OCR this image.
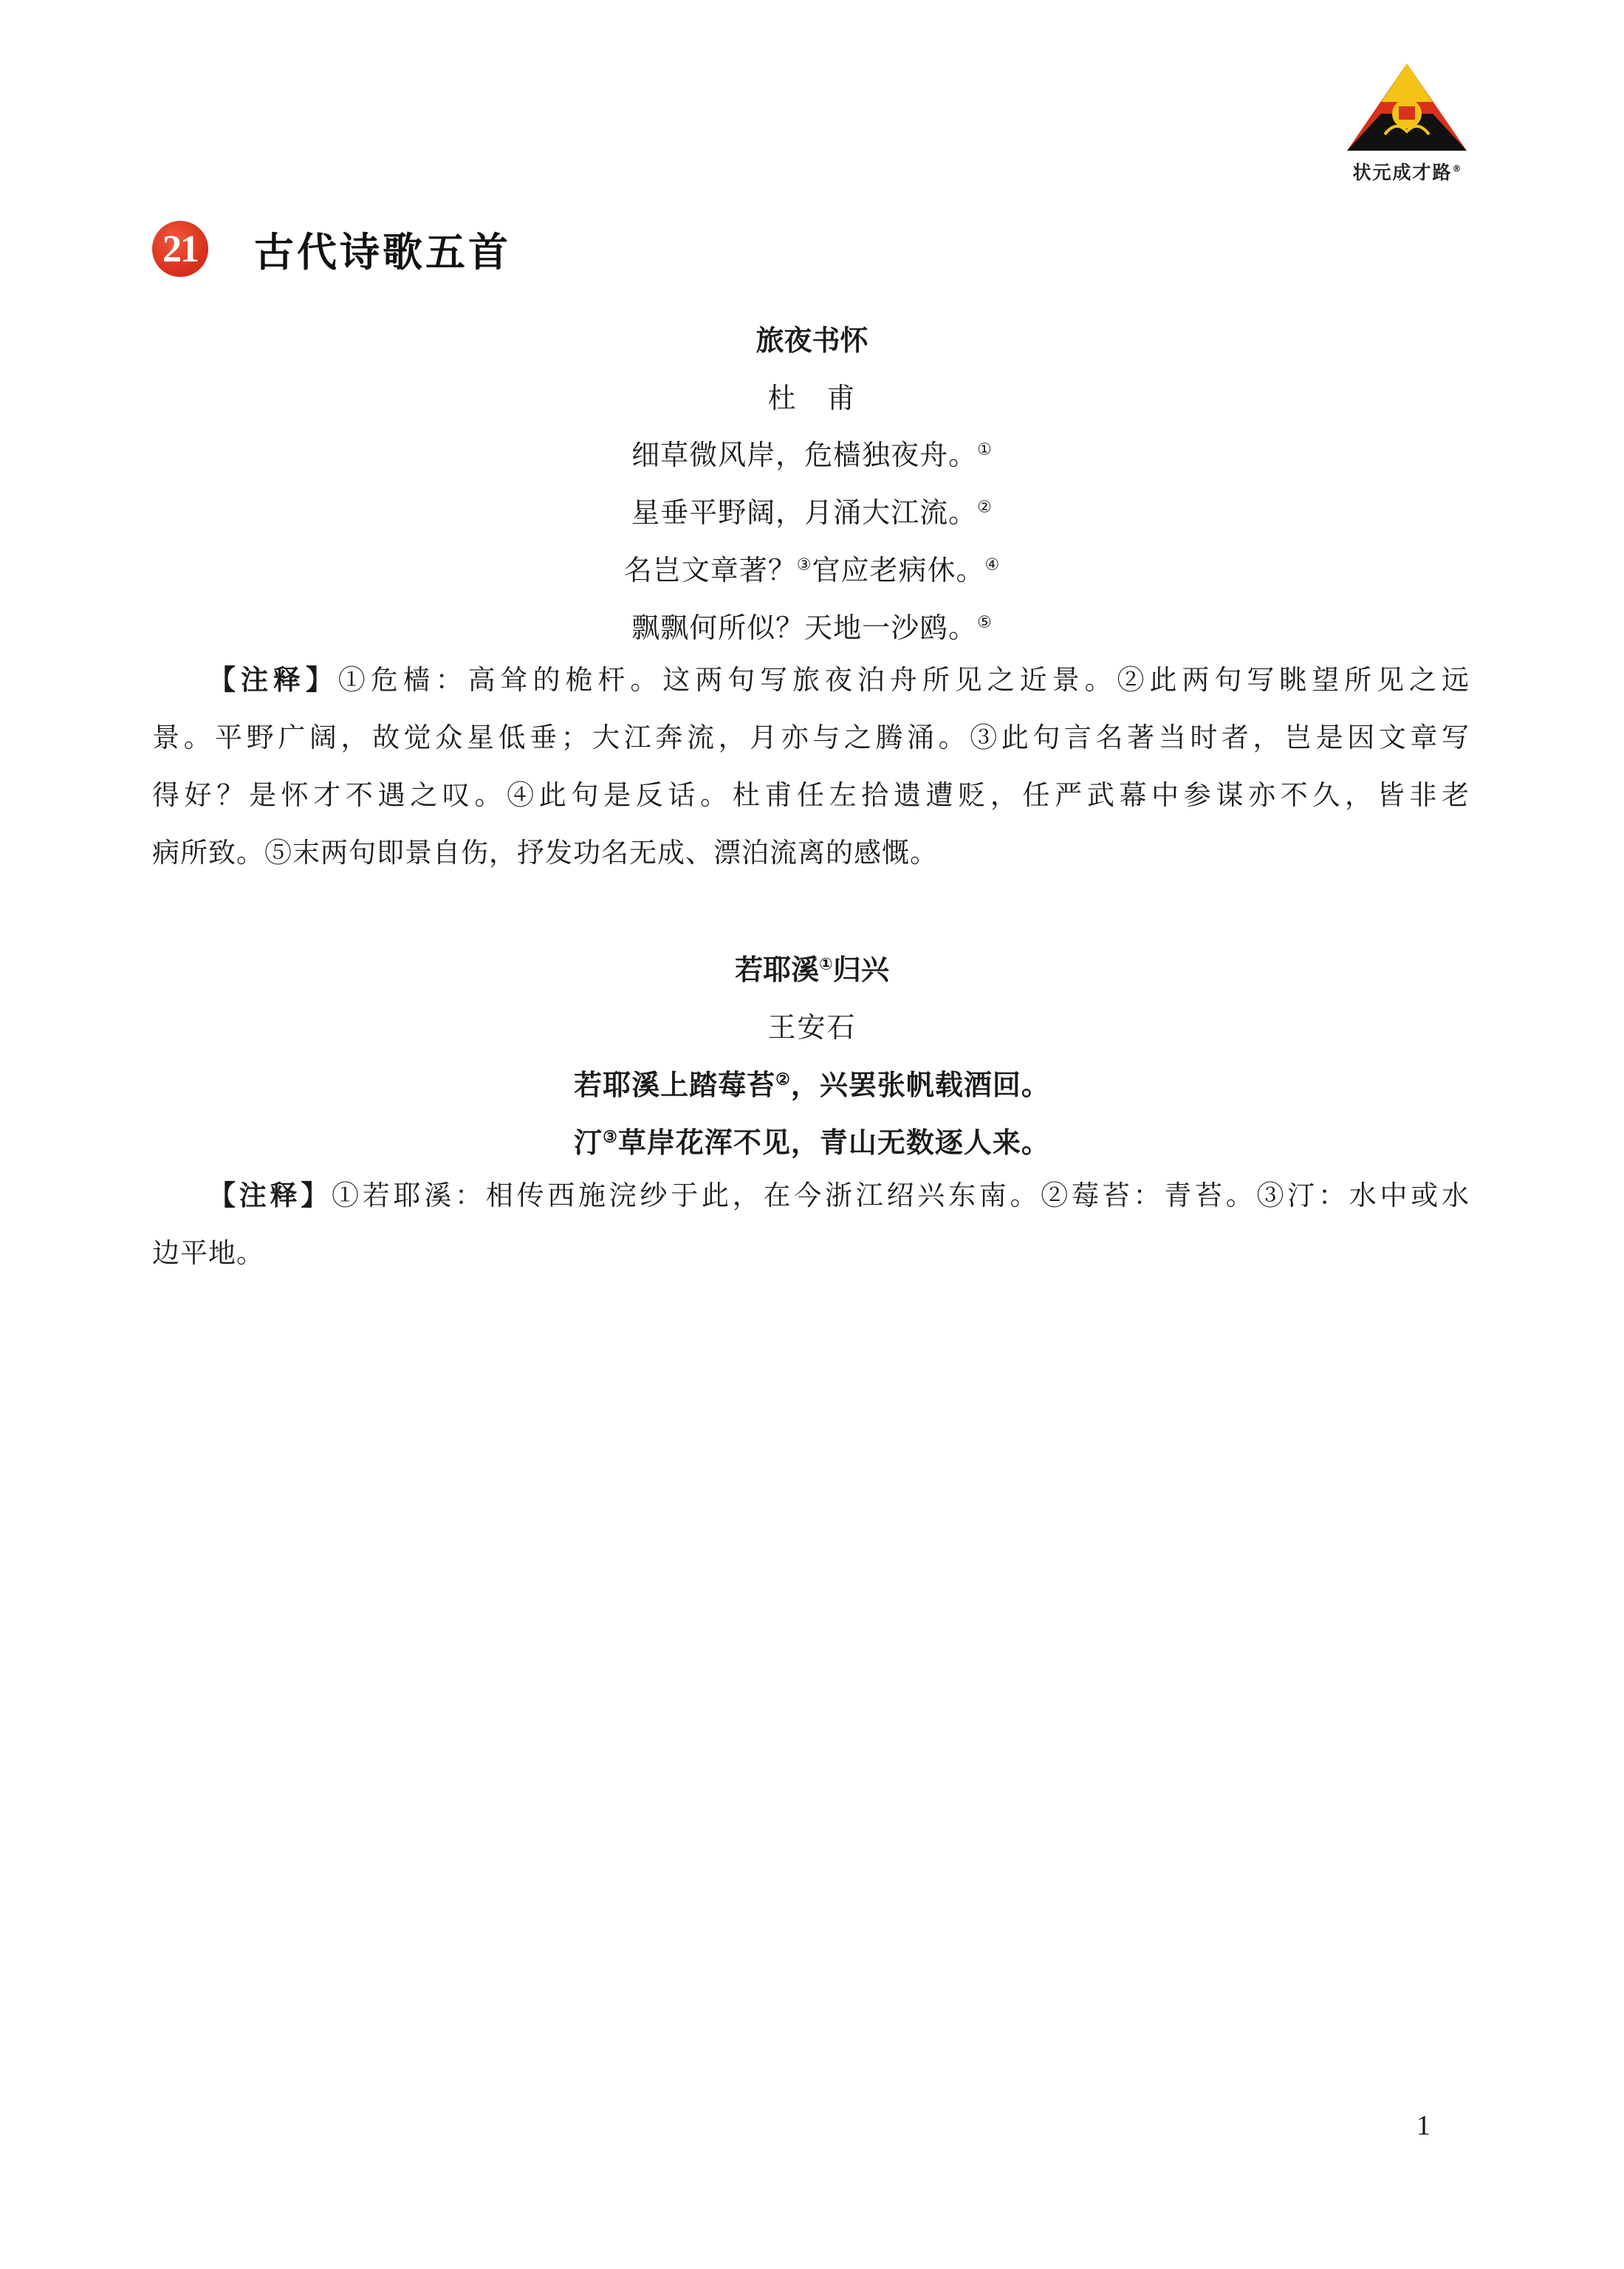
状元成才路®
21 古代诗歌五首
旅夜书怀
杜　甫
细草微风岸，危樯独夜舟。①
星垂平野阔，月涌大江流。②
名岂文章著？③官应老病休。④
飘飘何所似？天地一沙鸥。⑤
【注释】①危樯：高耸的桅杆。这两句写旅夜泊舟所见之近景。②此两句写眺望所见之远
景。平野广阔，故觉众星低垂；大江奔流，月亦与之腾涌。③此句言名著当时者，岂是因文章写
得好？是怀才不遇之叹。④此句是反话。杜甫任左拾遗遭贬，任严武幕中参谋亦不久，皆非老
病所致。⑤末两句即景自伤，抒发功名无成、漂泊流离的感慨。
若耶溪①归兴
王安石
若耶溪上踏莓苔②，兴罢张帆载酒回。
汀③草岸花浑不见，青山无数逐人来。
【注释】①若耶溪：相传西施浣纱于此，在今浙江绍兴东南。②莓苔：青苔。③汀：水中或水
边平地。
1
